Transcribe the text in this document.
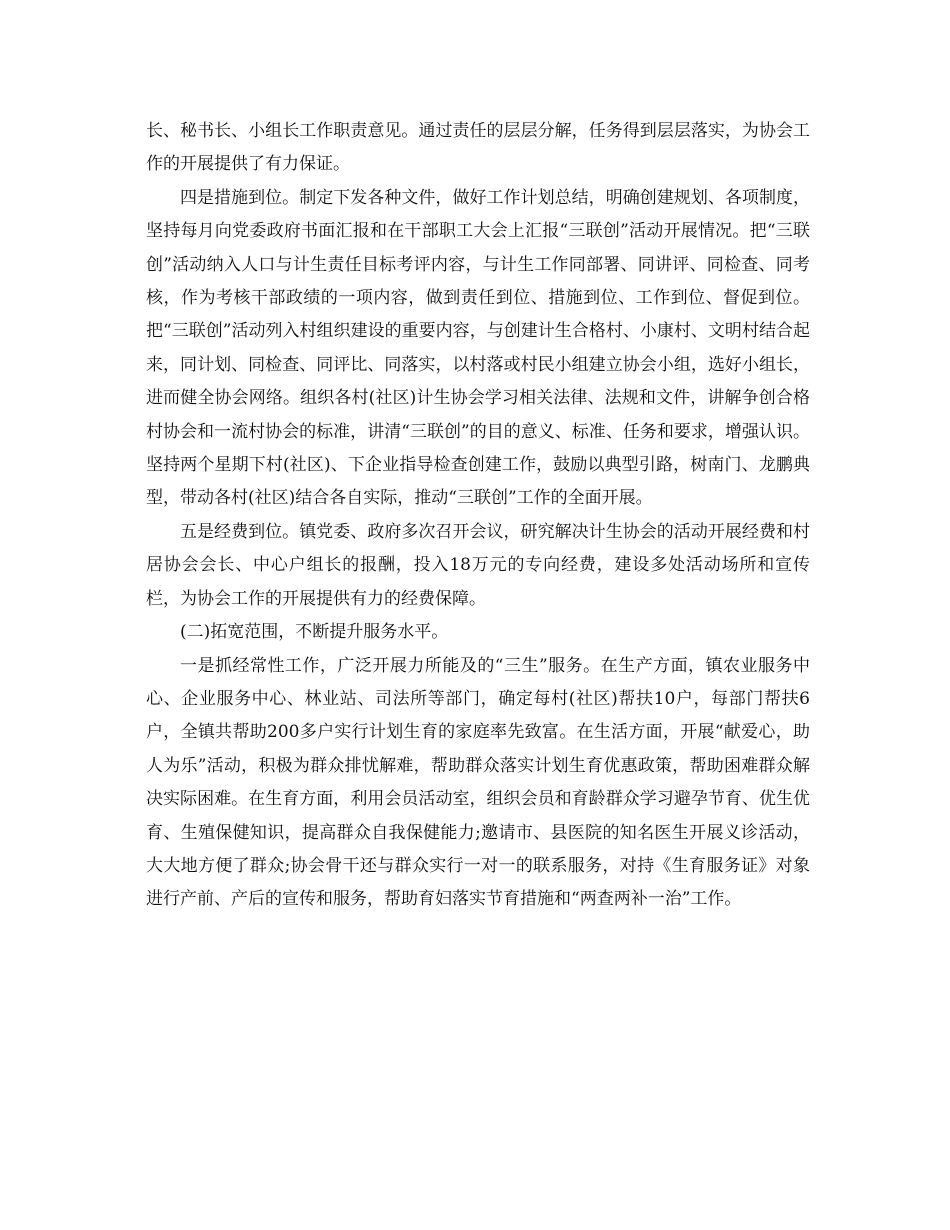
长、秘书长、小组长工作职责意见。通过责任的层层分解，任务得到层层落实，为协会工作的开展提供了有力保证。

四是措施到位。制定下发各种文件，做好工作计划总结，明确创建规划、各项制度，坚持每月向党委政府书面汇报和在干部职工大会上汇报“三联创”活动开展情况。把“三联创”活动纳入人口与计生责任目标考评内容，与计生工作同部署、同讲评、同检查、同考核，作为考核干部政绩的一项内容，做到责任到位、措施到位、工作到位、督促到位。把“三联创”活动列入村组织建设的重要内容，与创建计生合格村、小康村、文明村结合起来，同计划、同检查、同评比、同落实，以村落或村民小组建立协会小组，选好小组长，进而健全协会网络。组织各村(社区)计生协会学习相关法律、法规和文件，讲解争创合格村协会和一流村协会的标准，讲清“三联创”的目的意义、标准、任务和要求，增强认识。坚持两个星期下村(社区)、下企业指导检查创建工作，鼓励以典型引路，树南门、龙鹏典型，带动各村(社区)结合各自实际，推动“三联创”工作的全面开展。

五是经费到位。镇党委、政府多次召开会议，研究解决计生协会的活动开展经费和村居协会会长、中心户组长的报酬，投入18万元的专向经费，建设多处活动场所和宣传栏，为协会工作的开展提供有力的经费保障。

(二)拓宽范围，不断提升服务水平。

一是抓经常性工作，广泛开展力所能及的“三生”服务。在生产方面，镇农业服务中心、企业服务中心、林业站、司法所等部门，确定每村(社区)帮扶10户，每部门帮扶6户，全镇共帮助200多户实行计划生育的家庭率先致富。在生活方面，开展“献爱心，助人为乐”活动，积极为群众排忧解难，帮助群众落实计划生育优惠政策，帮助困难群众解决实际困难。在生育方面，利用会员活动室，组织会员和育龄群众学习避孕节育、优生优育、生殖保健知识，提高群众自我保健能力;邀请市、县医院的知名医生开展义诊活动，大大地方便了群众;协会骨干还与群众实行一对一的联系服务，对持《生育服务证》对象进行产前、产后的宣传和服务，帮助育妇落实节育措施和“两查两补一治”工作。
